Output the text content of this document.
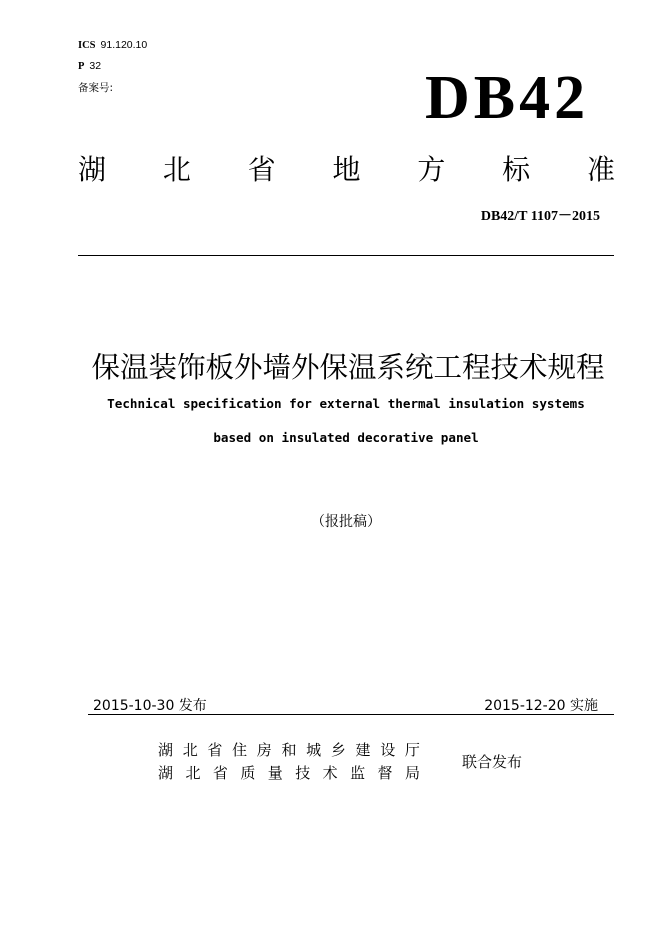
ICS 91.120.10
P 32
备案号:	DB42
湖 北 省 地 方 标 准
DB42/T 1107－2015
保温装饰板外墙外保温系统工程技术规程
Technical specification for external thermal insulation systems
based on insulated decorative panel
（报批稿）
2015-10-30 发布	2015-12-20 实施
湖 北 省 住 房 和 城 乡 建 设 厅
湖 北 省 质 量 技 术 监 督 局
联合发布
